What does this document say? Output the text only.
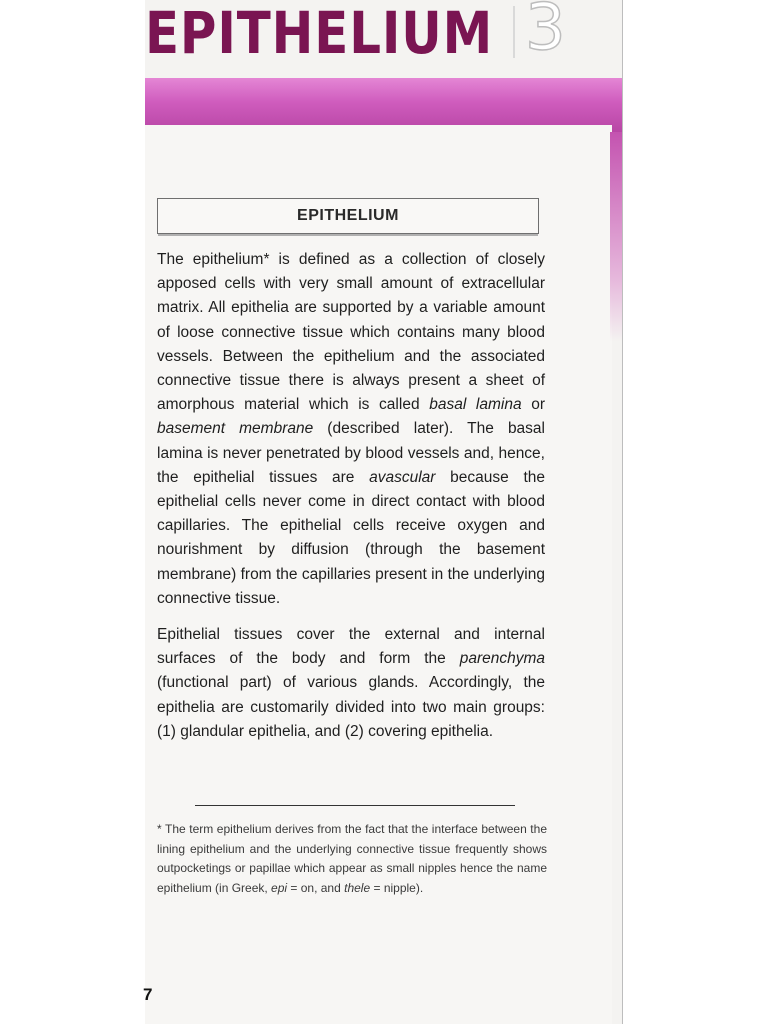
EPITHELIUM 3
EPITHELIUM

The epithelium* is defined as a collection of closely apposed cells with very small amount of extracellular matrix. All epithelia are supported by a variable amount of loose connective tissue which contains many blood vessels. Between the epithelium and the associated connective tissue there is always present a sheet of amorphous material which is called basal lamina or basement membrane (described later). The basal lamina is never penetrated by blood vessels and, hence, the epithelial tissues are avascular because the epithelial cells never come in direct contact with blood capillaries. The epithelial cells receive oxygen and nourishment by diffusion (through the basement membrane) from the capillaries present in the underlying connective tissue.

Epithelial tissues cover the external and internal surfaces of the body and form the parenchyma (functional part) of various glands. Accordingly, the epithelia are customarily divided into two main groups: (1) glandular epithelia, and (2) covering epithelia.

* The term epithelium derives from the fact that the interface between the lining epithelium and the underlying connective tissue frequently shows outpocketings or papillae which appear as small nipples hence the name epithelium (in Greek, epi = on, and thele = nipple).
7
